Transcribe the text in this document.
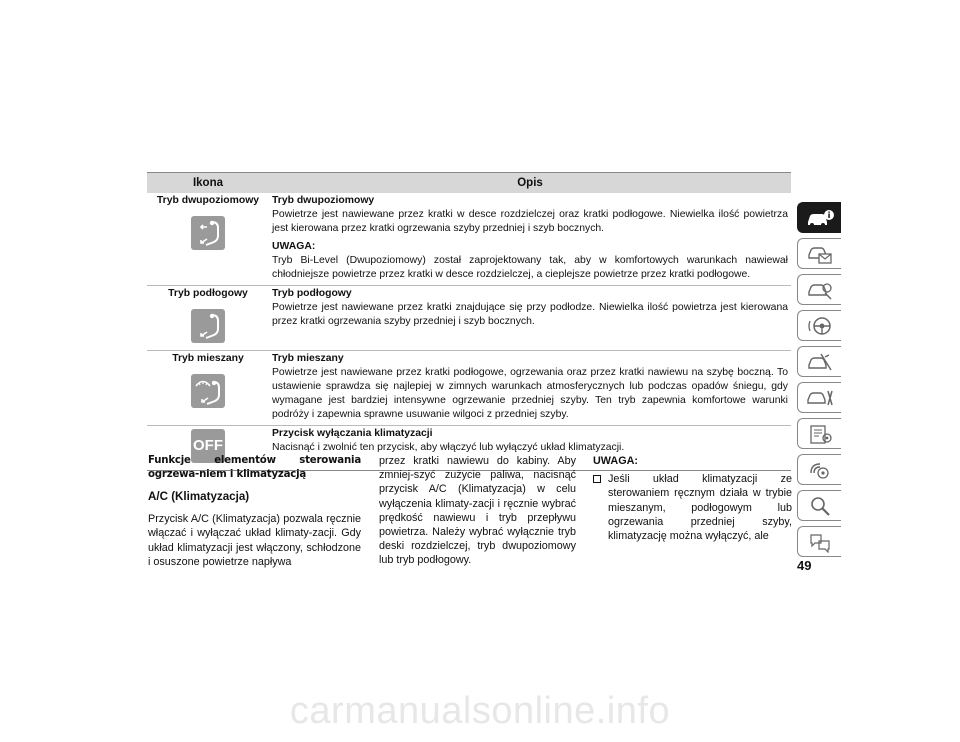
Ikona	Opis

Tryb dwupoziomowy	Tryb dwupoziomowy
Powietrze jest nawiewane przez kratki w desce rozdzielczej oraz kratki podłogowe. Niewielka ilość powietrza jest kierowana przez kratki ogrzewania szyby przedniej i szyb bocznych.
UWAGA:
Tryb Bi-Level (Dwupoziomowy) został zaprojektowany tak, aby w komfortowych warunkach nawiewał chłodniejsze powietrze przez kratki w desce rozdzielczej, a cieplejsze powietrze przez kratki podłogowe.

Tryb podłogowy	Tryb podłogowy
Powietrze jest nawiewane przez kratki znajdujące się przy podłodze. Niewielka ilość powietrza jest kierowana przez kratki ogrzewania szyby przedniej i szyb bocznych.

Tryb mieszany	Tryb mieszany
Powietrze jest nawiewane przez kratki podłogowe, ogrzewania oraz przez kratki nawiewu na szybę boczną. To ustawienie sprawdza się najlepiej w zimnych warunkach atmosferycznych lub podczas opadów śniegu, gdy wymagane jest bardziej intensywne ogrzewanie przedniej szyby. Ten tryb zapewnia komfortowe warunki podróży i zapewnia sprawne usuwanie wilgoci z przedniej szyby.

OFF	Przycisk wyłączania klimatyzacji
Nacisnąć i zwolnić ten przycisk, aby włączyć lub wyłączyć układ klimatyzacji.
Funkcje elementów sterowania ogrzewa-niem i klimatyzacją
A/C (Klimatyzacja)

Przycisk A/C (Klimatyzacja) pozwala ręcznie włączać i wyłączać układ klimaty-zacji. Gdy układ klimatyzacji jest włączony, schłodzone i osuszone powietrze napływa

przez kratki nawiewu do kabiny. Aby zmniej-szyć zużycie paliwa, nacisnąć przycisk A/C (Klimatyzacja) w celu wyłączenia klimaty-zacji i ręcznie wybrać prędkość nawiewu i tryb przepływu powietrza. Należy wybrać wyłącznie tryb deski rozdzielczej, tryb dwupoziomowy lub tryb podłogowy.

UWAGA:
Jeśli układ klimatyzacji ze sterowaniem ręcznym działa w trybie mieszanym, podłogowym lub ogrzewania przedniej szyby, klimatyzację można wyłączyć, ale
49
carmanualsonline.info
